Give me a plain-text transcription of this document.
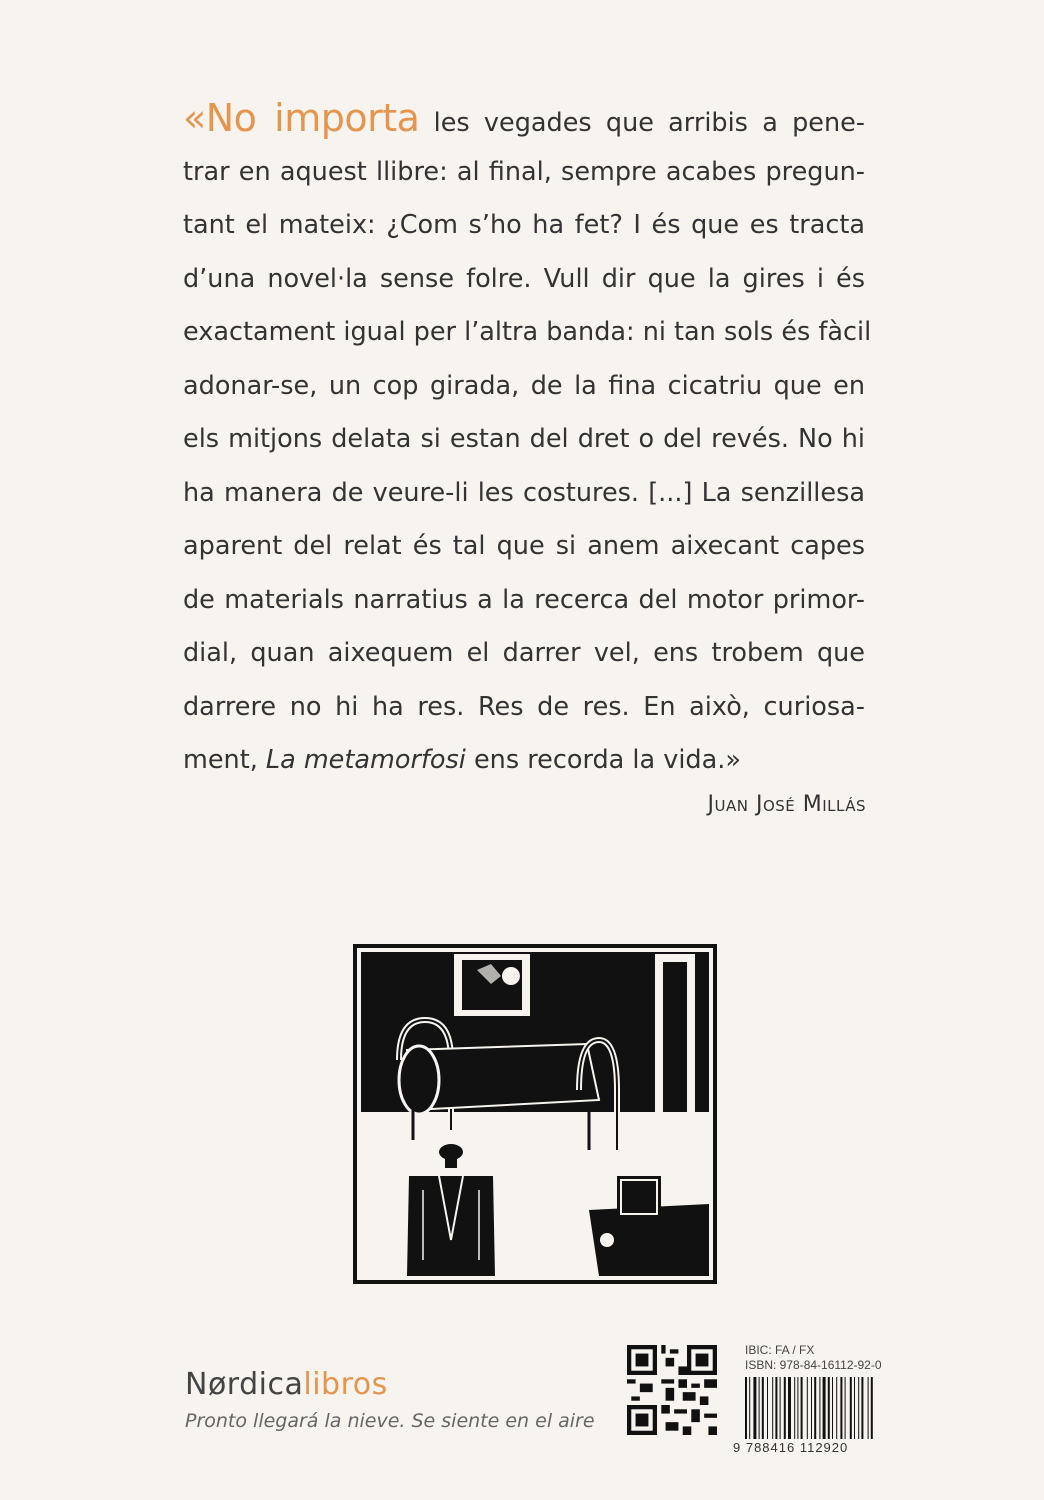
«No importa les vegades que arribis a pene-
trar en aquest llibre: al final, sempre acabes pregun-
tant el mateix: ¿Com s’ho ha fet? I és que es tracta
d’una novel·la sense folre. Vull dir que la gires i és
exactament igual per l’altra banda: ni tan sols és fàcil
adonar-se, un cop girada, de la fina cicatriu que en
els mitjons delata si estan del dret o del revés. No hi
ha manera de veure-li les costures. [...] La senzillesa
aparent del relat és tal que si anem aixecant capes
de materials narratius a la recerca del motor primor-
dial, quan aixequem el darrer vel, ens trobem que
darrere no hi ha res. Res de res. En això, curiosa-
ment, La metamorfosi ens recorda la vida.»
Juan José Millás
Nørdicalibros
Pronto llegará la nieve. Se siente en el aire
IBIC: FA / FX
ISBN: 978-84-16112-92-0
9 788416 112920
